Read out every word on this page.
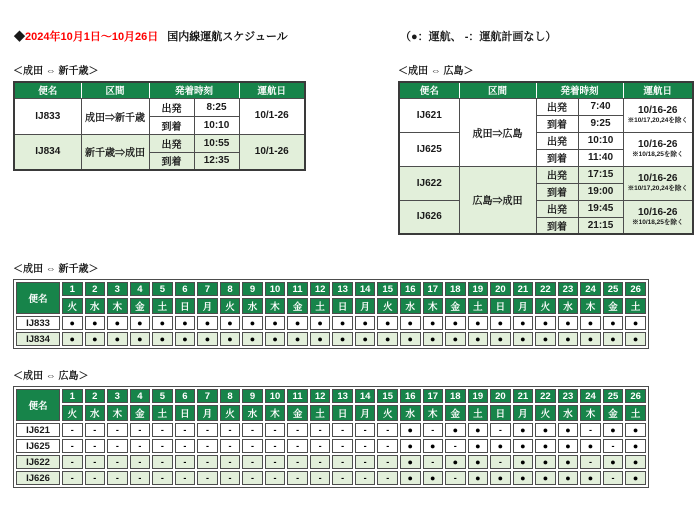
◆2024年10月1日～10月26日 国内線運航スケジュール	（●：運航、 -：運航計画なし）
＜成田 ⇔ 新千歳＞
便名	区間	発着時刻		運航日
IJ833	成田⇒新千歳	出発	8:25	10/1-26

		到着	10:10	
IJ834	新千歳⇒成田	出発	10:55	10/1-26

		到着	12:35	
＜成田 ⇔ 広島＞
便名	区間	発着時刻		運航日
IJ621	成田⇒広島	出発	7:40	10/16-26
※10/17,20,24を除く

		到着	9:25	
IJ625		出発	10:10	10/16-26
※10/18,25を除く

		到着	11:40	
IJ622	広島⇒成田	出発	17:15	10/16-26
※10/17,20,24を除く

		到着	19:00	
IJ626		出発	19:45	10/16-26
※10/18,25を除く

		到着	21:15	
＜成田 ⇔ 新千歳＞
便名	1	2	3	4	5	6	7	8	9	10	11	12	13	14	15	16	17	18	19	20	21	22	23	24	25	26
	火	水	木	金	土	日	月	火	水	木	金	土	日	月	火	水	木	金	土	日	月	火	水	木	金	土
IJ833	●	●	●	●	●	●	●	●	●	●	●	●	●	●	●	●	●	●	●	●	●	●	●	●	●	●
IJ834	●	●	●	●	●	●	●	●	●	●	●	●	●	●	●	●	●	●	●	●	●	●	●	●	●	●
＜成田 ⇔ 広島＞
便名	1	2	3	4	5	6	7	8	9	10	11	12	13	14	15	16	17	18	19	20	21	22	23	24	25	26
	火	水	木	金	土	日	月	火	水	木	金	土	日	月	火	水	木	金	土	日	月	火	水	木	金	土
IJ621	-	-	-	-	-	-	-	-	-	-	-	-	-	-	-	●	-	●	●	-	●	●	●	-	●	●
IJ625	-	-	-	-	-	-	-	-	-	-	-	-	-	-	-	●	●	-	●	●	●	●	●	●	-	●
IJ622	-	-	-	-	-	-	-	-	-	-	-	-	-	-	-	●	-	●	●	-	●	●	●	-	●	●
IJ626	-	-	-	-	-	-	-	-	-	-	-	-	-	-	-	●	●	-	●	●	●	●	●	●	-	●
